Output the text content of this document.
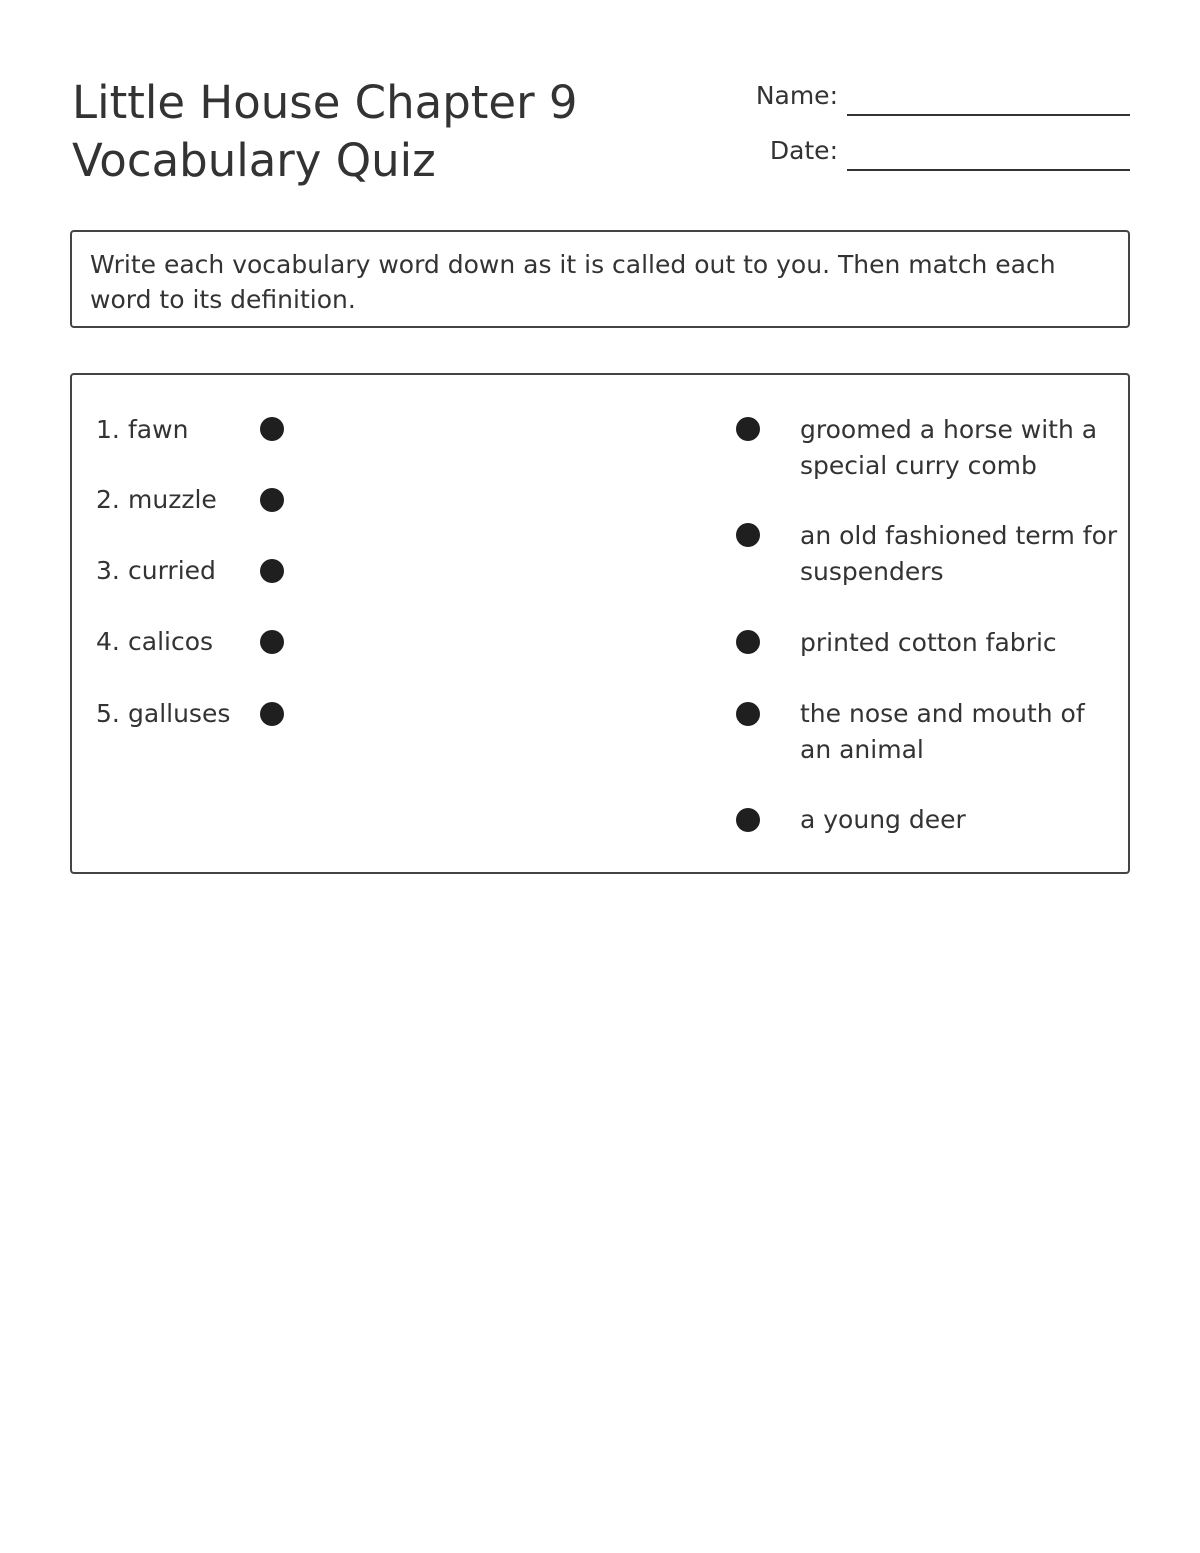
Little House Chapter 9
Vocabulary Quiz
Name:
Date:
Write each vocabulary word down as it is called out to you. Then match each
word to its definition.
1. fawn
2. muzzle
3. curried
4. calicos
5. galluses
groomed a horse with a special curry comb
an old fashioned term for suspenders
printed cotton fabric
the nose and mouth of an animal
a young deer
